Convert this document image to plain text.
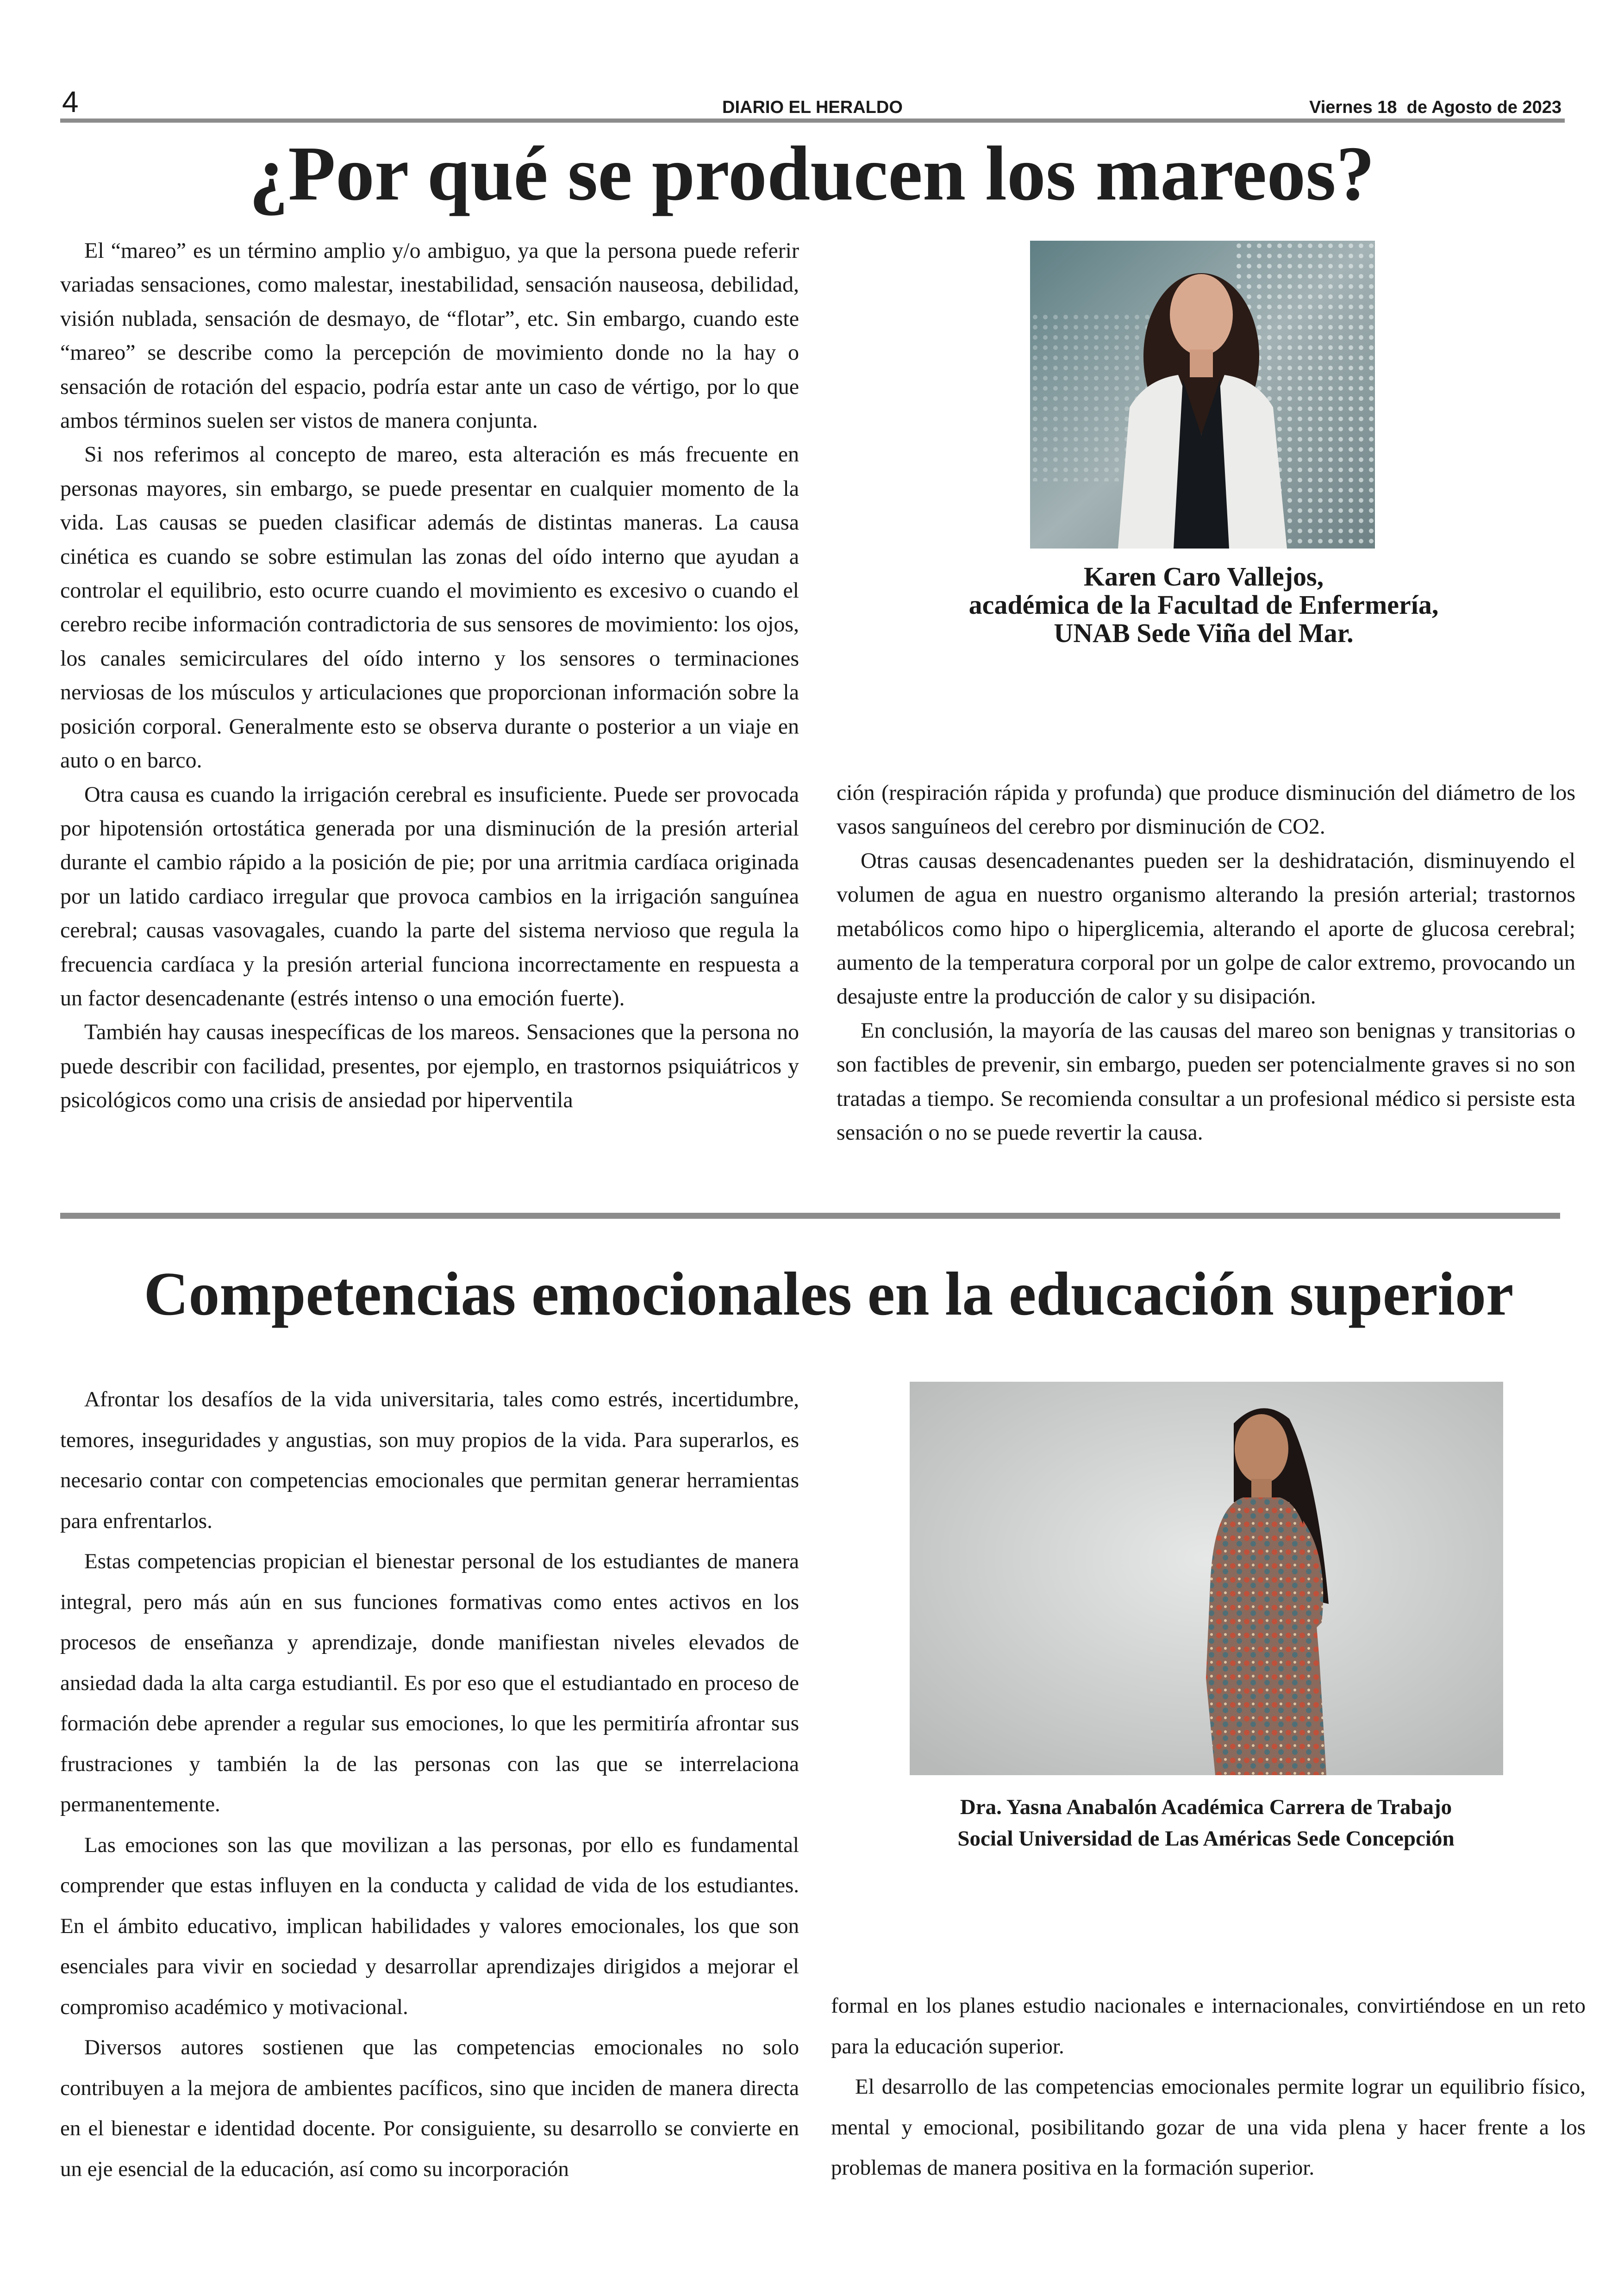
4	DIARIO EL HERALDO	Viernes 18  de Agosto de 2023
¿Por qué se producen los mareos?

El “mareo” es un término amplio y/o ambiguo, ya que la persona puede referir variadas sensaciones, como malestar, inestabilidad, sensación nauseosa, debilidad, visión nublada, sensación de desmayo, de “flotar”, etc. Sin embargo, cuando este “mareo” se describe como la percepción de movimiento donde no la hay o sensación de rotación del espacio, podría estar ante un caso de vértigo, por lo que ambos términos suelen ser vistos de manera conjunta.

Si nos referimos al concepto de mareo, esta alteración es más frecuente en personas mayores, sin embargo, se puede presentar en cualquier momento de la vida. Las causas se pueden clasificar además de distintas maneras. La causa cinética es cuando se sobre estimulan las zonas del oído interno que ayudan a controlar el equilibrio, esto ocurre cuando el movimiento es excesivo o cuando el cerebro recibe información contradictoria de sus sensores de movimiento: los ojos, los canales semicirculares del oído interno y los sensores o terminaciones nerviosas de los músculos y articulaciones que proporcionan información sobre la posición corporal. Generalmente esto se observa durante o posterior a un viaje en auto o en barco.

Otra causa es cuando la irrigación cerebral es insuficiente. Puede ser provocada por hipotensión ortostática generada por una disminución de la presión arterial durante el cambio rápido a la posición de pie; por una arritmia cardíaca originada por un latido cardiaco irregular que provoca cambios en la irrigación sanguínea cerebral; causas vasovagales, cuando la parte del sistema nervioso que regula la frecuencia cardíaca y la presión arterial funciona incorrectamente en respuesta a un factor desencadenante (estrés intenso o una emoción fuerte).

También hay causas inespecíficas de los mareos. Sensaciones que la persona no puede describir con facilidad, presentes, por ejemplo, en trastornos psiquiátricos y psicológicos como una crisis de ansiedad por hiperventila

Karen Caro Vallejos,
académica de la Facultad de Enfermería,
UNAB Sede Viña del Mar.

ción (respiración rápida y profunda) que produce disminución del diámetro de los vasos sanguíneos del cerebro por disminución de CO2.

Otras causas desencadenantes pueden ser la deshidratación, disminuyendo el volumen de agua en nuestro organismo alterando la presión arterial; trastornos metabólicos como hipo o hiperglicemia, alterando el aporte de glucosa cerebral; aumento de la temperatura corporal por un golpe de calor extremo, provocando un desajuste entre la producción de calor y su disipación.

En conclusión, la mayoría de las causas del mareo son benignas y transitorias o son factibles de prevenir, sin embargo, pueden ser potencialmente graves si no son tratadas a tiempo. Se recomienda consultar a un profesional médico si persiste esta sensación o no se puede revertir la causa.

Competencias emocionales en la educación superior

Afrontar los desafíos de la vida universitaria, tales como estrés, incertidumbre, temores, inseguridades y angustias, son muy propios de la vida. Para superarlos, es necesario contar con competencias emocionales que permitan generar herramientas para enfrentarlos.

Estas competencias propician el bienestar personal de los estudiantes de manera integral, pero más aún en sus funciones formativas como entes activos en los procesos de enseñanza y aprendizaje, donde manifiestan niveles elevados de ansiedad dada la alta carga estudiantil. Es por eso que el estudiantado en proceso de formación debe aprender a regular sus emociones, lo que les permitiría afrontar sus frustraciones y también la de las personas con las que se interrelaciona permanentemente.

Las emociones son las que movilizan a las personas, por ello es fundamental comprender que estas influyen en la conducta y calidad de vida de los estudiantes. En el ámbito educativo, implican habilidades y valores emocionales, los que son esenciales para vivir en sociedad y desarrollar aprendizajes dirigidos a mejorar el compromiso académico y motivacional.

Diversos autores sostienen que las competencias emocionales no solo contribuyen a la mejora de ambientes pacíficos, sino que inciden de manera directa en el bienestar e identidad docente. Por consiguiente, su desarrollo se convierte en un eje esencial de la educación, así como su incorporación

Dra. Yasna Anabalón Académica Carrera de Trabajo
Social Universidad de Las Américas Sede Concepción

formal en los planes estudio nacionales e internacionales, convirtiéndose en un reto para la educación superior.

El desarrollo de las competencias emocionales permite lograr un equilibrio físico, mental y emocional, posibilitando gozar de una vida plena y hacer frente a los problemas de manera positiva en la formación superior.
